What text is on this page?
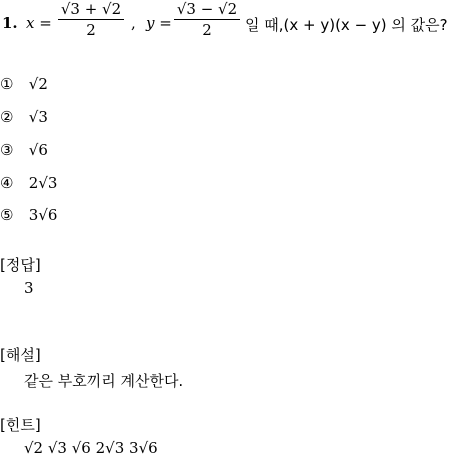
1. x =
√3 + √2
2	, y =
√3 − √2
2	일 때,(x + y)(x − y) 의 값은?
① √2
② √3
③ √6
④ 2√3
⑤ 3√6
[정답]
3
[해설]
같은 부호끼리 계산한다.
[힌트]
√2 √3 √6 2√3 3√6
